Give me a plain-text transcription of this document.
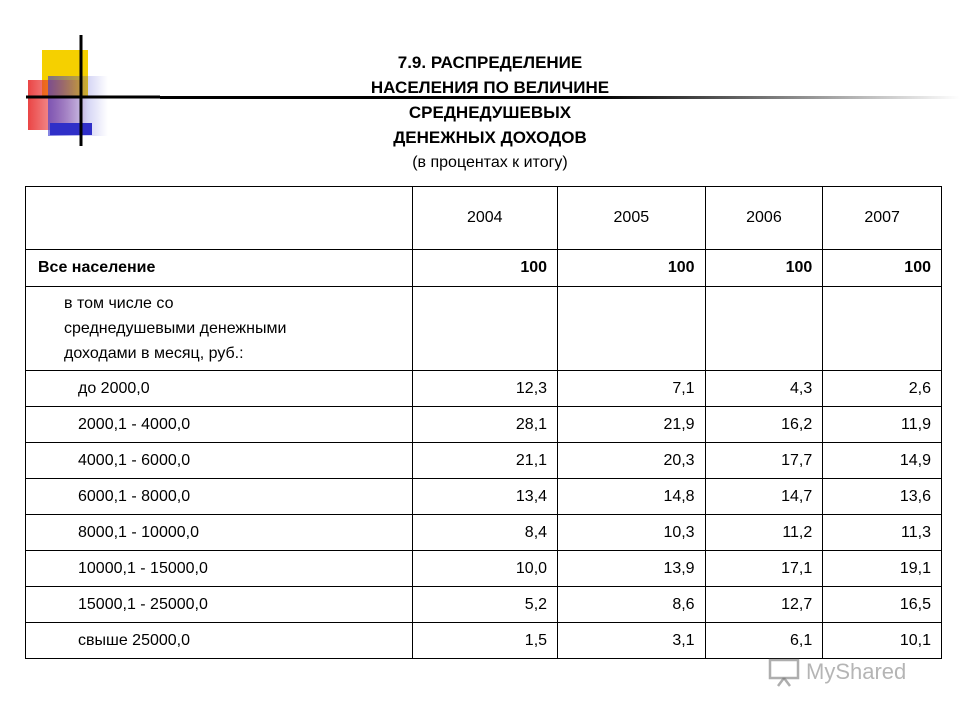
7.9. РАСПРЕДЕЛЕНИЕ
НАСЕЛЕНИЯ ПО ВЕЛИЧИНЕ
СРЕДНЕДУШЕВЫХ
ДЕНЕЖНЫХ ДОХОДОВ
(в процентах к итогу)
	2004	2005	2006	2007
Все население	100	100	100	100

в том числе со среднедушевыми денежными доходами в месяц, руб.:				

до 2000,0	12,3	7,1	4,3	2,6
2000,1 - 4000,0	28,1	21,9	16,2	11,9
4000,1 - 6000,0	21,1	20,3	17,7	14,9
6000,1 - 8000,0	13,4	14,8	14,7	13,6
8000,1 - 10000,0	8,4	10,3	11,2	11,3
10000,1 - 15000,0	10,0	13,9	17,1	19,1
15000,1 - 25000,0	5,2	8,6	12,7	16,5
свыше 25000,0	1,5	3,1	6,1	10,1
MyShared
